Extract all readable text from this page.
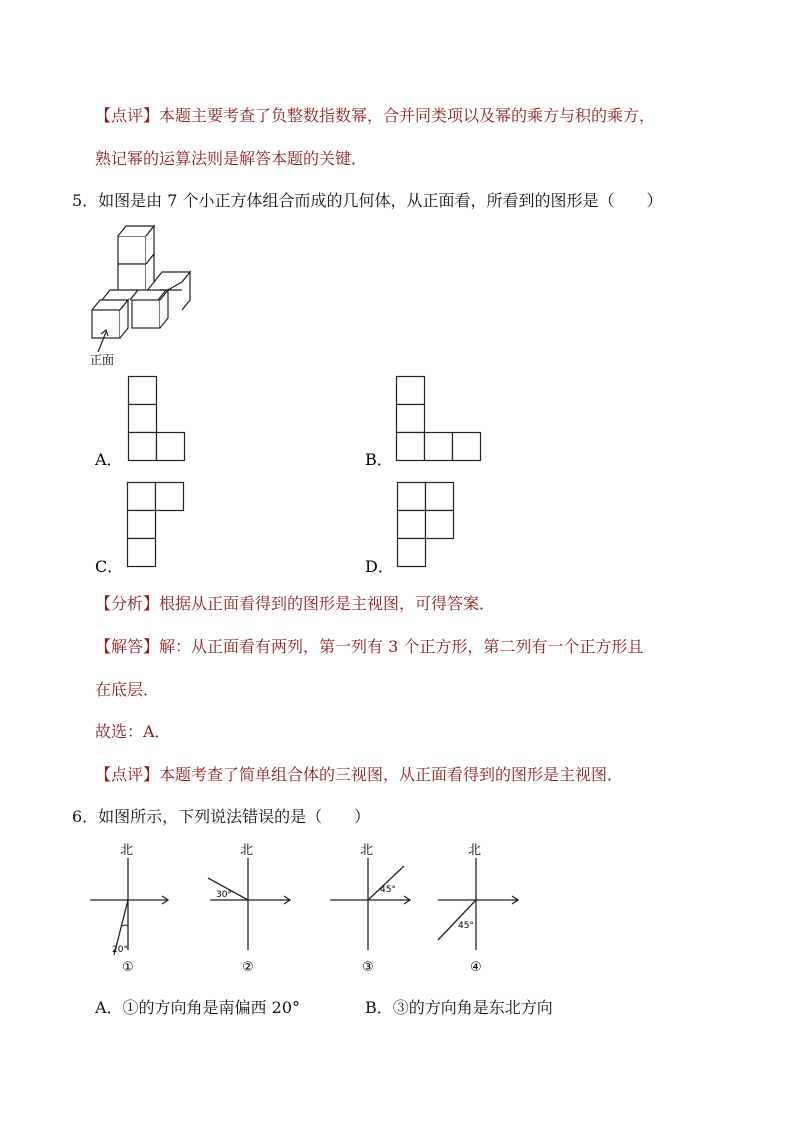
【点评】本题主要考查了负整数指数幂，合并同类项以及幂的乘方与积的乘方，
熟记幂的运算法则是解答本题的关键．
5．如图是由 7 个小正方体组合而成的几何体，从正面看，所看到的图形是（　　）
正面
A．	B．
C．	D．
【分析】根据从正面看得到的图形是主视图，可得答案．
【解答】解：从正面看有两列，第一列有 3 个正方形，第二列有一个正方形且
在底层．
故选：A．
【点评】本题考查了简单组合体的三视图，从正面看得到的图形是主视图．
6．如图所示，下列说法错误的是（　　）
北
20°
①
北
30°
②
北
45°
③
北
45°
④
A．①的方向角是南偏西 20°	B．③的方向角是东北方向
